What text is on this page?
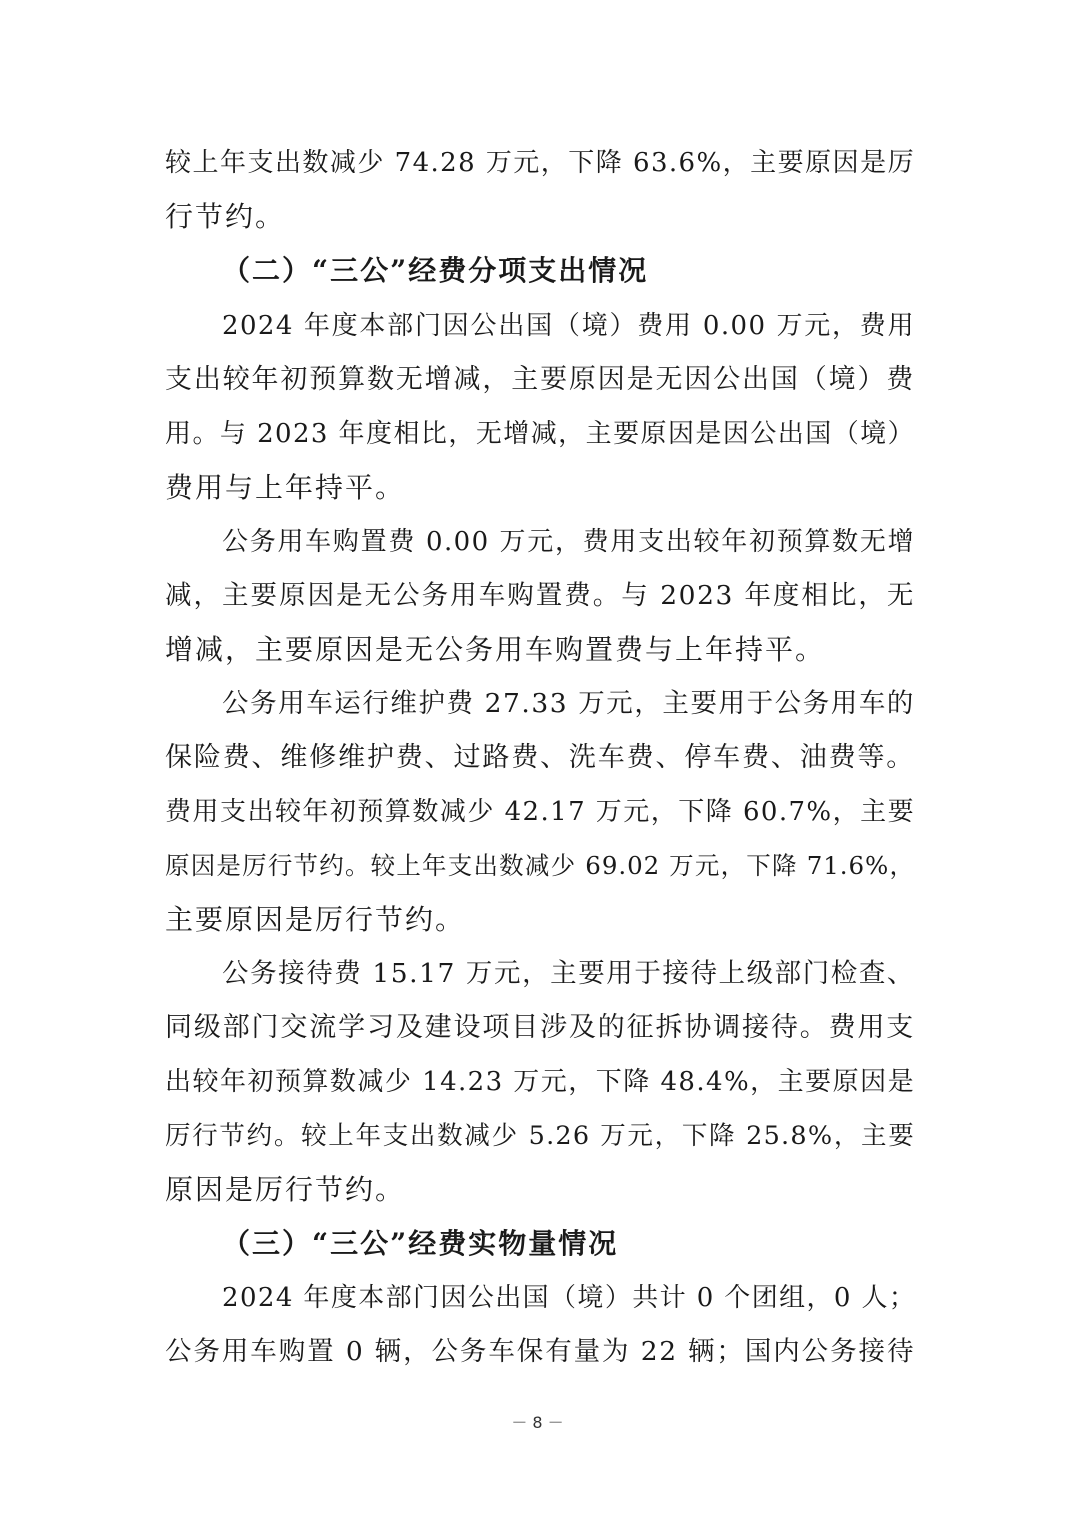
较上年支出数减少 74.28 万元，下降 63.6%，主要原因是厉
行节约。
（二）“三公”经费分项支出情况
2024 年度本部门因公出国（境）费用 0.00 万元，费用
支出较年初预算数无增减，主要原因是无因公出国（境）费
用。与 2023 年度相比，无增减，主要原因是因公出国（境）
费用与上年持平。
公务用车购置费 0.00 万元，费用支出较年初预算数无增
减，主要原因是无公务用车购置费。与 2023 年度相比，无
增减，主要原因是无公务用车购置费与上年持平。
公务用车运行维护费 27.33 万元，主要用于公务用车的
保险费、维修维护费、过路费、洗车费、停车费、油费等。
费用支出较年初预算数减少 42.17 万元，下降 60.7%，主要
原因是厉行节约。较上年支出数减少 69.02 万元，下降 71.6%，
主要原因是厉行节约。
公务接待费 15.17 万元，主要用于接待上级部门检查、
同级部门交流学习及建设项目涉及的征拆协调接待。费用支
出较年初预算数减少 14.23 万元，下降 48.4%，主要原因是
厉行节约。较上年支出数减少 5.26 万元，下降 25.8%，主要
原因是厉行节约。
（三）“三公”经费实物量情况
2024 年度本部门因公出国（境）共计 0 个团组，0 人；
公务用车购置 0 辆，公务车保有量为 22 辆；国内公务接待
－ 8 －
